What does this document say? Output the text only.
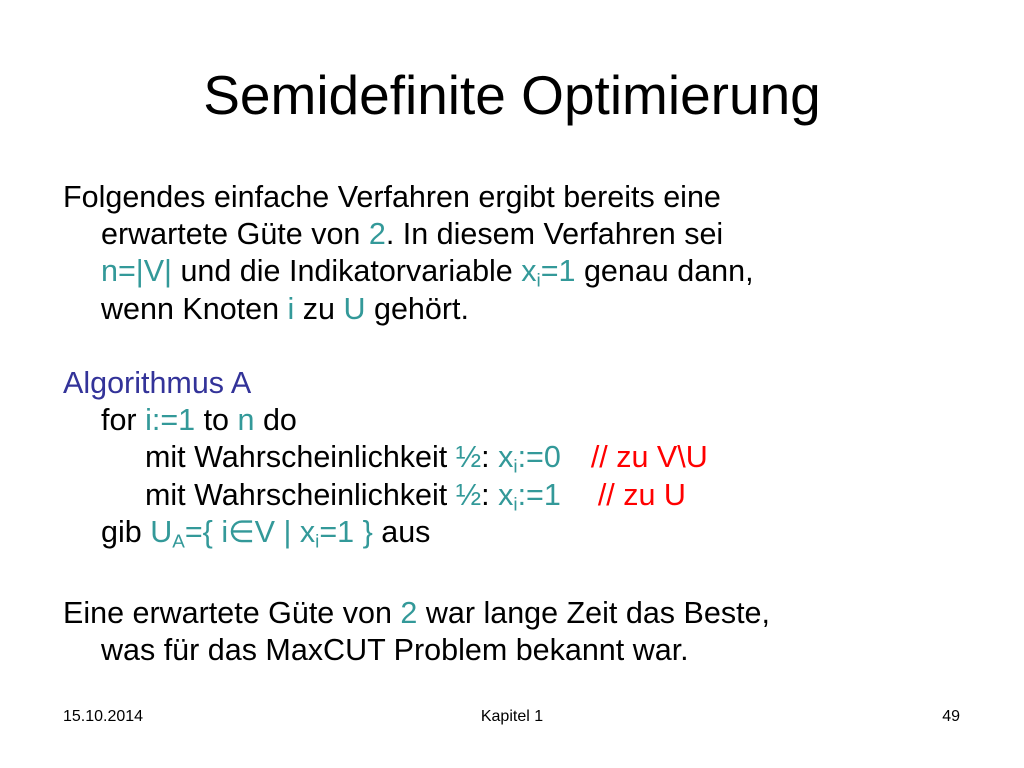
Semidefinite Optimierung
Folgendes einfache Verfahren ergibt bereits eine
erwartete Güte von 2. In diesem Verfahren sei
n=|V| und die Indikatorvariable $x_i=1$ genau dann,
wenn Knoten i zu U gehört.
Algorithmus A
for i:=1 to n do
mit Wahrscheinlichkeit ½: $x_i:=0$ // zu V\U
mit Wahrscheinlichkeit ½: $x_i:=1$ // zu U
gib $U_A=${ i∈V | $x_i=1$ } aus
Eine erwartete Güte von 2 war lange Zeit das Beste,
was für das MaxCUT Problem bekannt war.
15.10.2014	Kapitel 1	49
